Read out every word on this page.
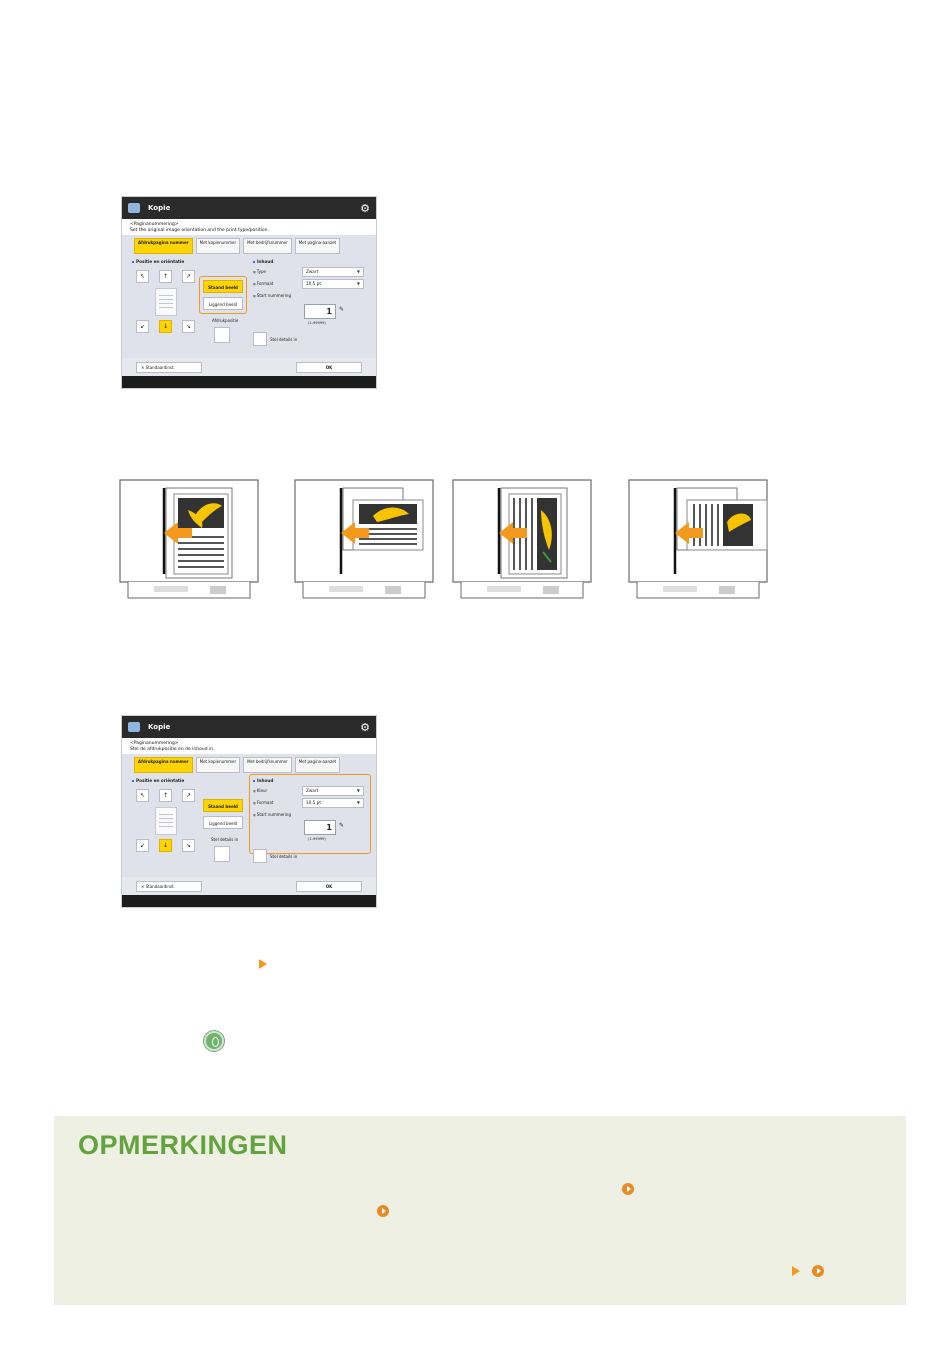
Kopie	⚙
<Paginanummering>
Set the original image orientation and the print type/position.
Afdrukpagina nummer	Met kopienummer	Met bedrijfsnummer	Met pagina-aanzet
Positie en oriëntatie
↖	↑	↗
↙	↓	↘
Staand beeld
Liggend beeld
Afdrukpositie
Inhoud
■ Type	Zwart ▼
■ Formaat	10,5 pt ▼
■ Start nummering
1	✎
(1-99999)
Stel details in
✕ Standaardinst.	OK
Kopie	⚙
<Paginanummering>
Stel de afdrukpositie en de inhoud in.
Afdrukpagina nummer	Met kopienummer	Met bedrijfsnummer	Met pagina-aanzet
Positie en oriëntatie
↖	↑	↗
↙	↓	↘
Staand beeld
Liggend beeld
Stel details in
Inhoud
■ Kleur	Zwart ▼
■ Formaat	10,5 pt ▼
■ Start nummering
1	✎
(1-99999)
Stel details in
✕ Standaardinst.	OK
OPMERKINGEN
